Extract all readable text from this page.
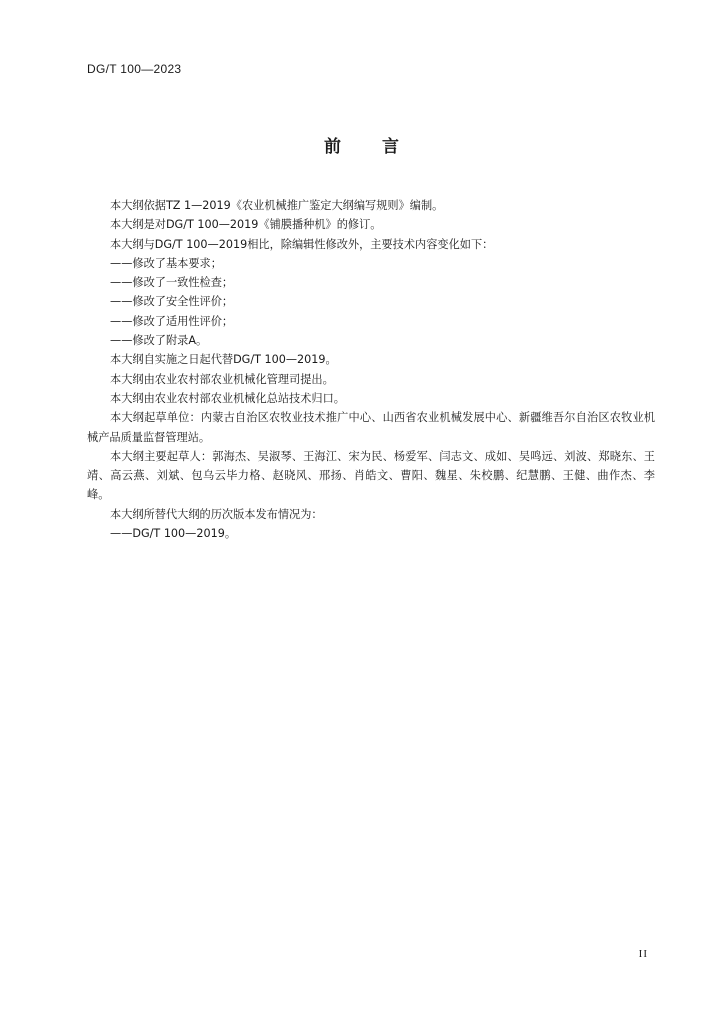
DG/T 100—2023
前 言

本大纲依据TZ 1—2019《农业机械推广鉴定大纲编写规则》编制。

本大纲是对DG/T 100—2019《铺膜播种机》的修订。

本大纲与DG/T 100—2019相比，除编辑性修改外，主要技术内容变化如下：

——修改了基本要求；

——修改了一致性检查；

——修改了安全性评价；

——修改了适用性评价；

——修改了附录A。

本大纲自实施之日起代替DG/T 100—2019。

本大纲由农业农村部农业机械化管理司提出。

本大纲由农业农村部农业机械化总站技术归口。

本大纲起草单位：内蒙古自治区农牧业技术推广中心、山西省农业机械发展中心、新疆维吾尔自治区农牧业机械产品质量监督管理站。

本大纲主要起草人：郭海杰、吴淑琴、王海江、宋为民、杨爱军、闫志文、成如、吴鸣远、刘波、郑晓东、王靖、高云燕、刘斌、包乌云毕力格、赵晓风、邢扬、肖皓文、曹阳、魏星、朱校鹏、纪慧鹏、王健、曲作杰、李峰。

本大纲所替代大纲的历次版本发布情况为：

——DG/T 100—2019。

II
